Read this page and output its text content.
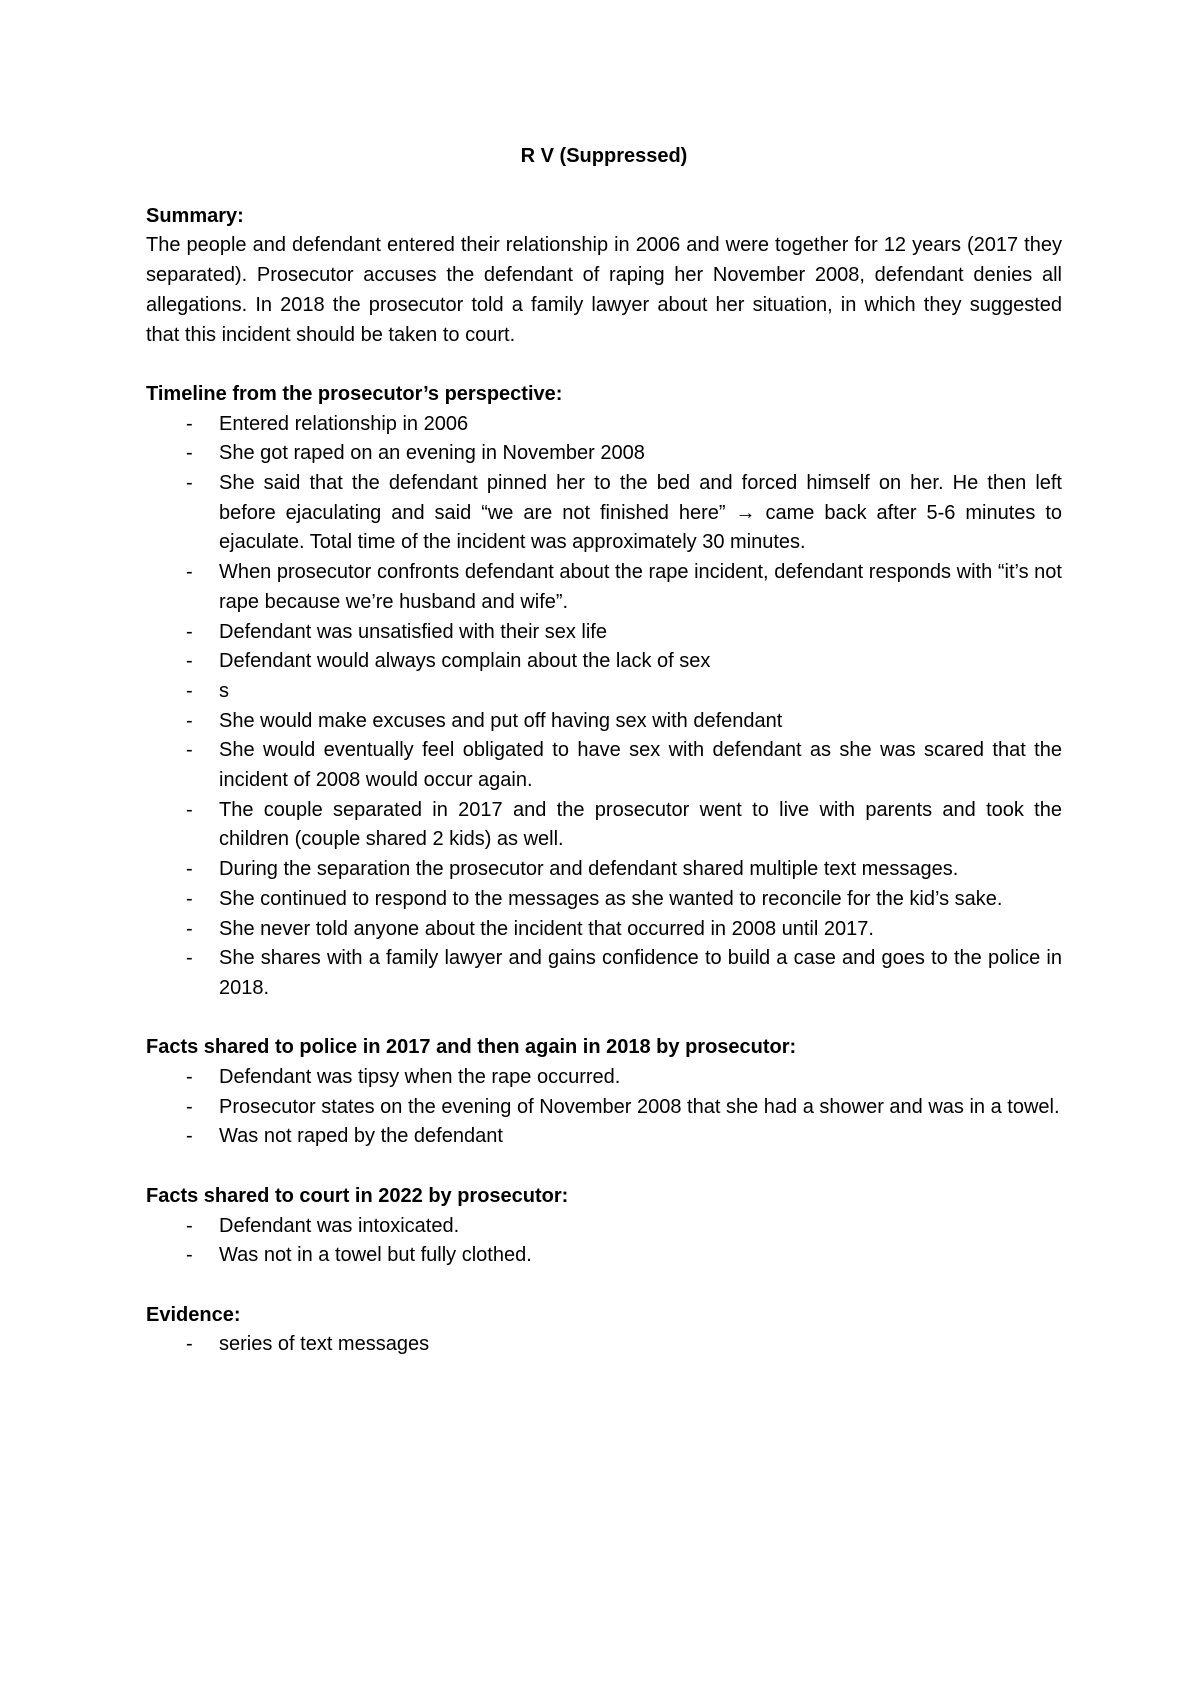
R V (Suppressed)
Summary:
The people and defendant entered their relationship in 2006 and were together for 12 years (2017 they separated). Prosecutor accuses the defendant of raping her November 2008, defendant denies all allegations. In 2018 the prosecutor told a family lawyer about her situation, in which they suggested that this incident should be taken to court.
Timeline from the prosecutor’s perspective:
- Entered relationship in 2006
- She got raped on an evening in November 2008
- She said that the defendant pinned her to the bed and forced himself on her. He then left before ejaculating and said “we are not finished here” → came back after 5-6 minutes to ejaculate. Total time of the incident was approximately 30 minutes.
- When prosecutor confronts defendant about the rape incident, defendant responds with “it’s not rape because we’re husband and wife”.
- Defendant was unsatisfied with their sex life
- Defendant would always complain about the lack of sex
- s
- She would make excuses and put off having sex with defendant
- She would eventually feel obligated to have sex with defendant as she was scared that the incident of 2008 would occur again.
- The couple separated in 2017 and the prosecutor went to live with parents and took the children (couple shared 2 kids) as well.
- During the separation the prosecutor and defendant shared multiple text messages.
- She continued to respond to the messages as she wanted to reconcile for the kid’s sake.
- She never told anyone about the incident that occurred in 2008 until 2017.
- She shares with a family lawyer and gains confidence to build a case and goes to the police in 2018.
Facts shared to police in 2017 and then again in 2018 by prosecutor:
- Defendant was tipsy when the rape occurred.
- Prosecutor states on the evening of November 2008 that she had a shower and was in a towel.
- Was not raped by the defendant
Facts shared to court in 2022 by prosecutor:
- Defendant was intoxicated.
- Was not in a towel but fully clothed.
Evidence:
- series of text messages
